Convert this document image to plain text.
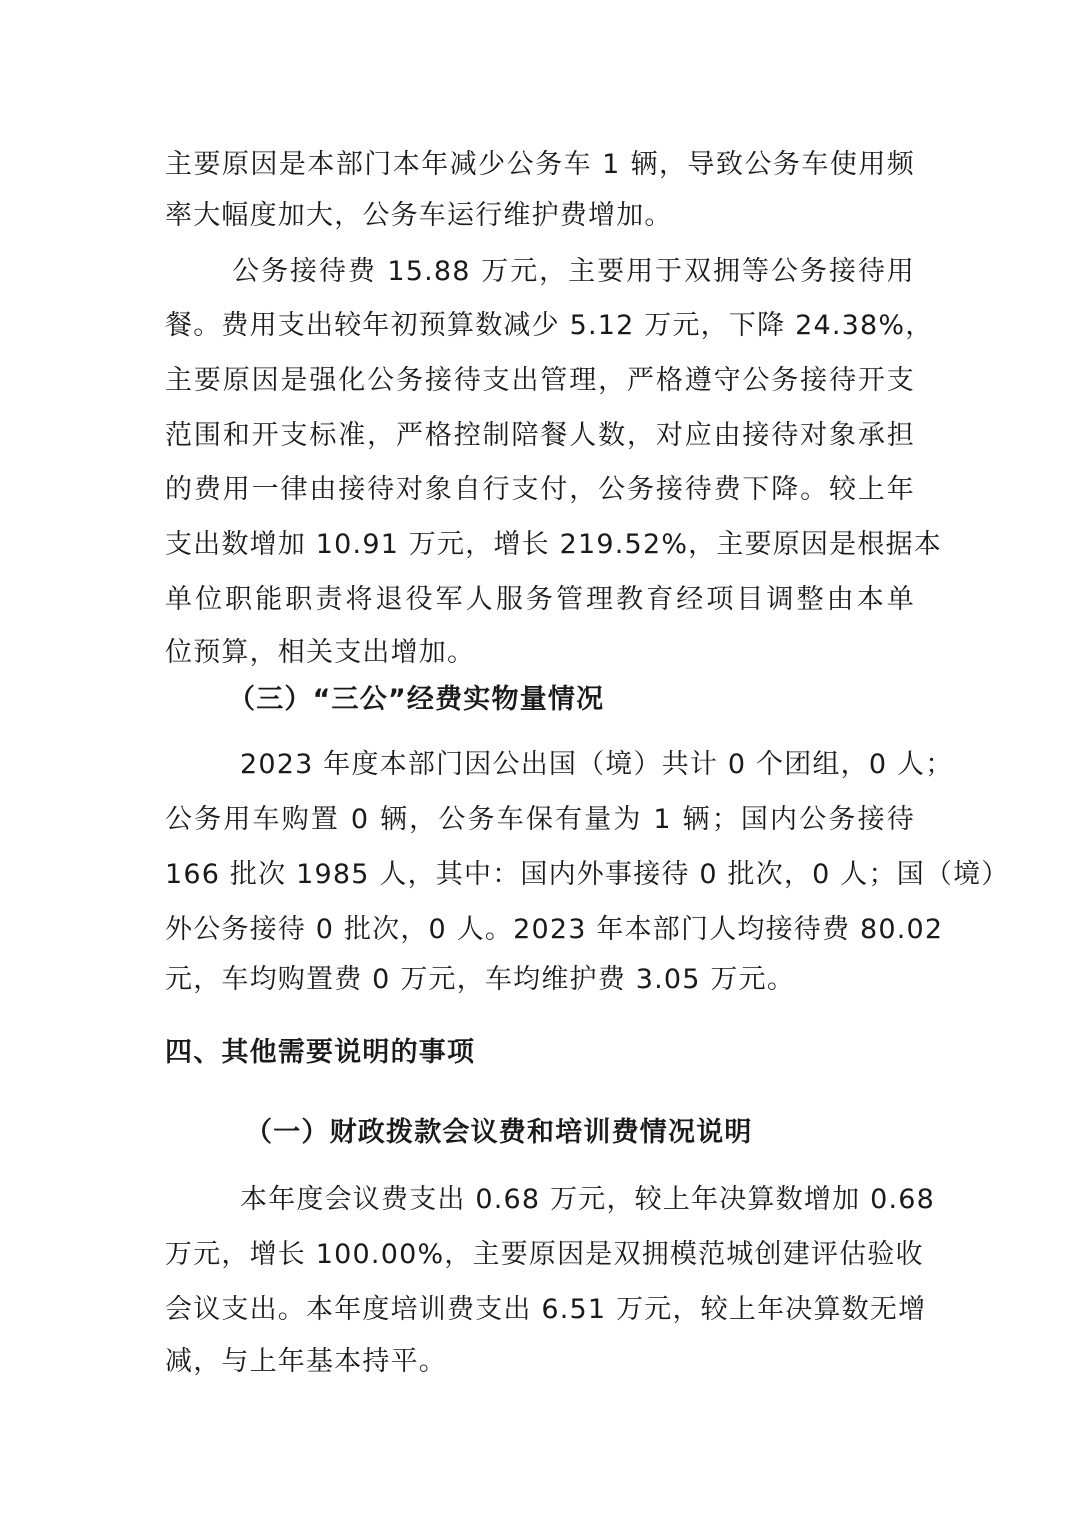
主要原因是本部门本年减少公务车 1 辆，导致公务车使用频
率大幅度加大，公务车运行维护费增加。
公务接待费 15.88 万元，主要用于双拥等公务接待用
餐。费用支出较年初预算数减少 5.12 万元，下降 24.38%，
主要原因是强化公务接待支出管理，严格遵守公务接待开支
范围和开支标准，严格控制陪餐人数，对应由接待对象承担
的费用一律由接待对象自行支付，公务接待费下降。较上年
支出数增加 10.91 万元，增长 219.52%，主要原因是根据本
单位职能职责将退役军人服务管理教育经项目调整由本单
位预算，相关支出增加。
（三）“三公”经费实物量情况
2023 年度本部门因公出国（境）共计 0 个团组，0 人；
公务用车购置 0 辆，公务车保有量为 1 辆；国内公务接待
166 批次 1985 人，其中：国内外事接待 0 批次，0 人；国（境）
外公务接待 0 批次，0 人。2023 年本部门人均接待费 80.02
元，车均购置费 0 万元，车均维护费 3.05 万元。
四、其他需要说明的事项
（一）财政拨款会议费和培训费情况说明
本年度会议费支出 0.68 万元，较上年决算数增加 0.68
万元，增长 100.00%，主要原因是双拥模范城创建评估验收
会议支出。本年度培训费支出 6.51 万元，较上年决算数无增
减，与上年基本持平。
